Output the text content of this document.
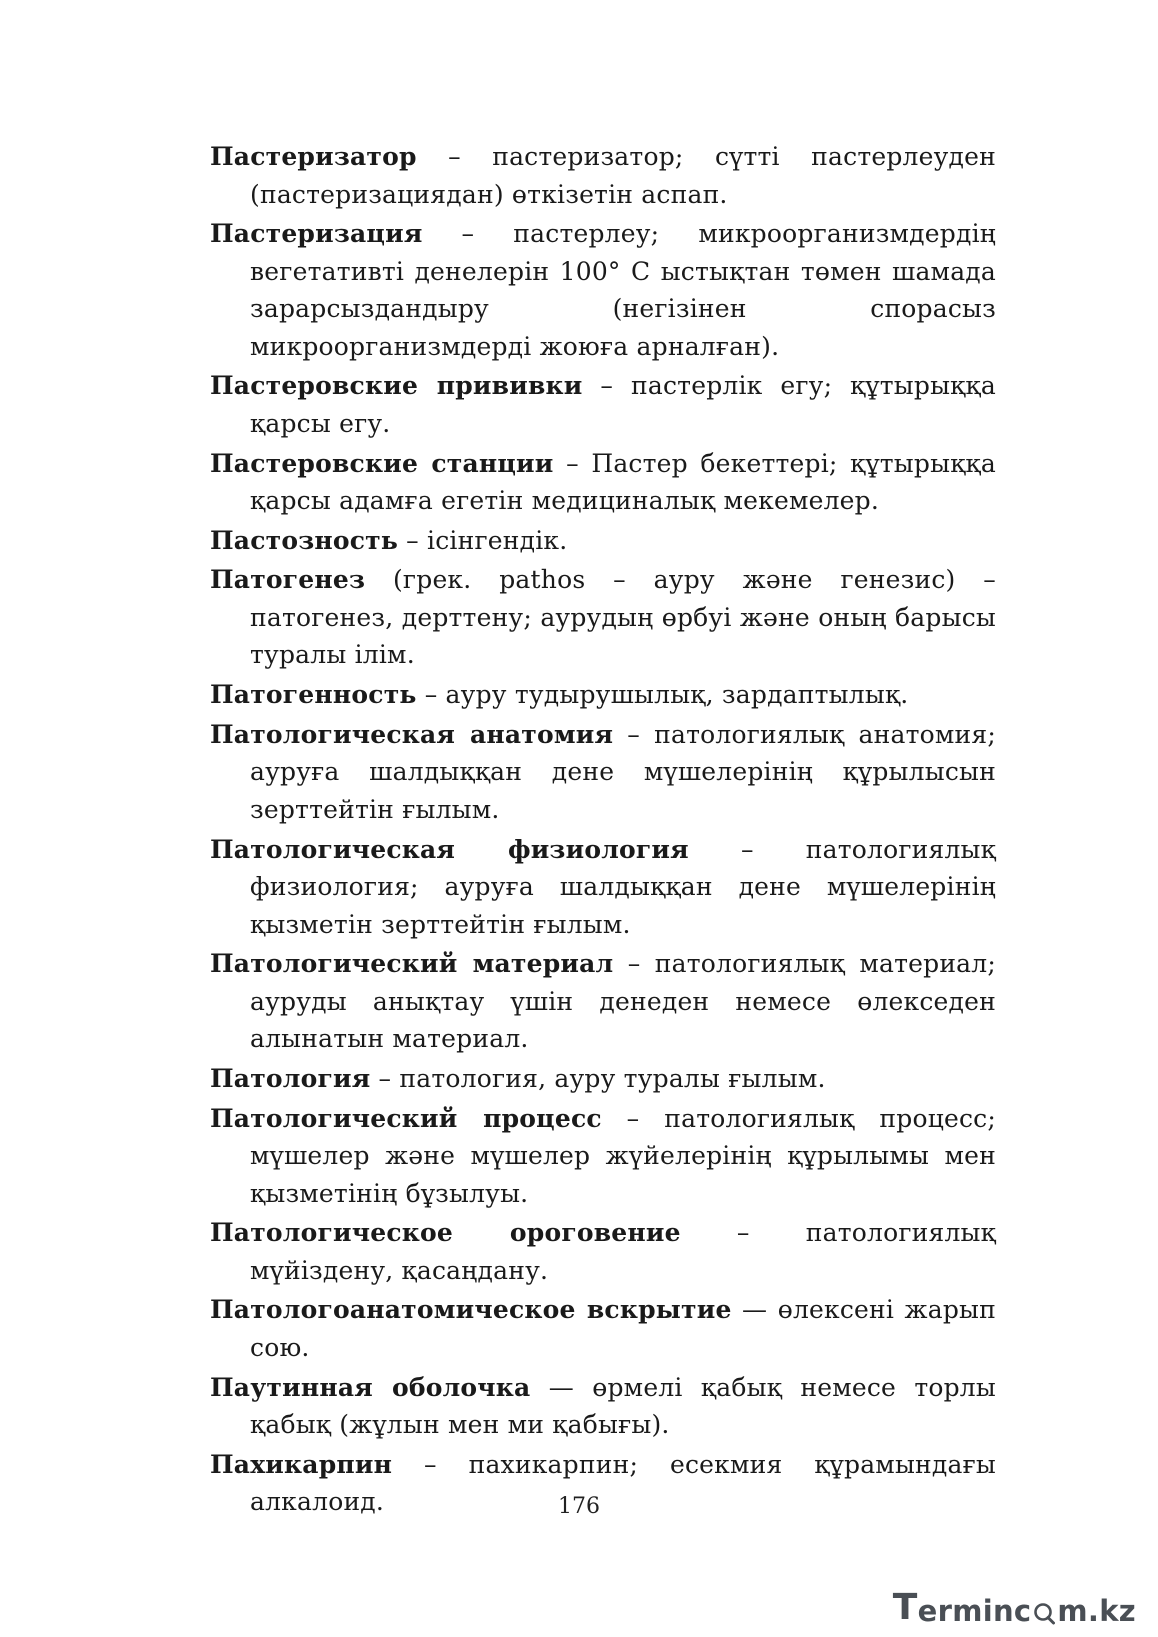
Пастеризатор – пастеризатор; сүтті пастерлеуден (пастеризациядан) өткізетін аспап.

Пастеризация – пастерлеу; микроорганизмдердің вегетативті денелерін 100° С ыстықтан төмен шамада зарарсыздандыру (негізінен спорасыз микроорганизмдерді жоюға арналған).

Пастеровские прививки – пастерлік егу; құтырыққа қарсы егу.

Пастеровские станции – Пастер бекеттері; құтырыққа қарсы адамға егетін медициналық мекемелер.

Пастозность – ісінгендік.

Патогенез (грек. pathos – ауру және генезис) – патогенез, дерттену; аурудың өрбуі және оның барысы туралы ілім.

Патогенность – ауру тудырушылық, зардаптылық.

Патологическая анатомия – патологиялық анатомия; ауруға шалдыққан дене мүшелерінің құрылысын зерттейтін ғылым.

Патологическая физиология – патологиялық физиология; ауруға шалдыққан дене мүшелерінің қызметін зерттейтін ғылым.

Патологический материал – патологиялық материал; ауруды анықтау үшін денеден немесе өлекседен алынатын материал.

Патология – патология, ауру туралы ғылым.

Патологический процесс – патологиялық процесс; мүшелер және мүшелер жүйелерінің құрылымы мен қызметінің бұзылуы.

Патологическое ороговение – патологиялық мүйіздену, қасаңдану.

Патологоанатомическое вскрытие — өлексені жарып сою.

Паутинная оболочка — өрмелі қабық немесе торлы қабық (жұлын мен ми қабығы).

Пахикарпин – пахикарпин; есекмия құрамындағы алкалоид.	176
T erminc m.kz
